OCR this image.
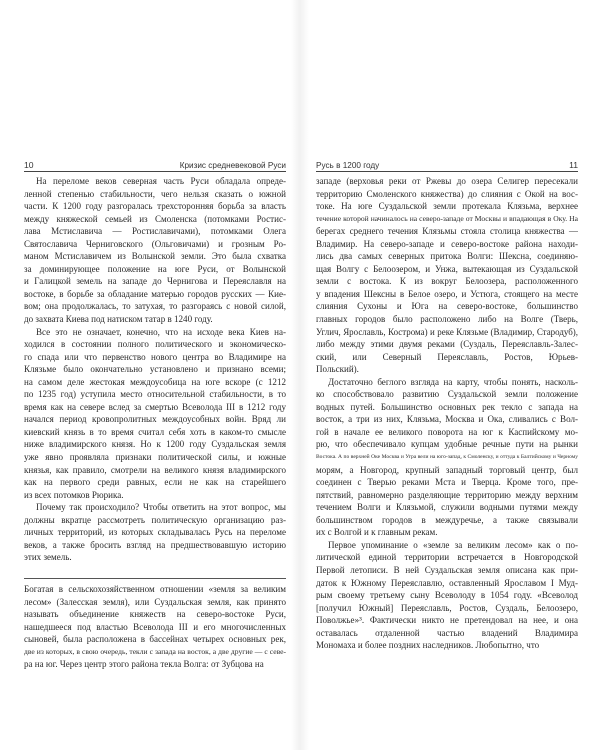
10	Кризис средневековой Руси
На переломе веков северная часть Руси обладала опреде-
ленной степенью стабильности, чего нельзя сказать о южной
части. К 1200 году разгоралась трехсторонняя борьба за власть
между княжеской семьей из Смоленска (потомками Ростис-
лава Мстиславича — Ростиславичами), потомками Олега
Святославича Черниговского (Ольговичами) и грозным Ро-
маном Мстиславичем из Волынской земли. Это была схватка
за доминирующее положение на юге Руси, от Волынской
и Галицкой земель на западе до Чернигова и Переяславля на
востоке, в борьбе за обладание матерью городов русских — Кие-
вом; она продолжалась, то затухая, то разгораясь с новой силой,
до захвата Киева под натиском татар в 1240 году.
Все это не означает, конечно, что на исходе века Киев на-
ходился в состоянии полного политического и экономическо-
го спада или что первенство нового центра во Владимире на
Клязьме было окончательно установлено и признано всеми;
на самом деле жестокая междоусобица на юге вскоре (с 1212
по 1235 год) уступила место относительной стабильности, в то
время как на севере вслед за смертью Всеволода III в 1212 году
начался период кровопролитных междоусобных войн. Вряд ли
киевский князь в то время считал себя хоть в каком-то смысле
ниже владимирского князя. Но к 1200 году Суздальская земля
уже явно проявляла признаки политической силы, и южные
князья, как правило, смотрели на великого князя владимирского
как на первого среди равных, если не как на старейшего
из всех потомков Рюрика.
Почему так происходило? Чтобы ответить на этот вопрос, мы
должны вкратце рассмотреть политическую организацию раз-
личных территорий, из которых складывалась Русь на переломе
веков, а также бросить взгляд на предшествовавшую историю
этих земель.
Богатая в сельскохозяйственном отношении «земля за великим
лесом» (Залесская земля), или Суздальская земля, как принято
называть объединение княжеств на северо-востоке Руси,
нашедшееся под властью Всеволода III и его многочисленных
сыновей, была расположена в бассейнах четырех основных рек,
две из которых, в свою очередь, текли с запада на восток, а две другие — с севе-
ра на юг. Через центр этого района текла Волга: от Зубцова на
Русь в 1200 году	11
западе (верховья реки от Ржевы до озера Селигер пересекали
территорию Смоленского княжества) до слияния с Окой на вос-
токе. На юге Суздальской земли протекала Клязьма, верхнее
течение которой начиналось на северо-западе от Москвы и впадающая в Оку. На
берегах среднего течения Клязьмы стояла столица княжества —
Владимир. На северо-западе и северо-востоке района находи-
лись два самых северных притока Волги: Шексна, соединяю-
щая Волгу с Белоозером, и Унжа, вытекающая из Суздальской
земли с востока. К из вокруг Белоозера, расположенного
у впадения Шексны в Белое озеро, и Устюга, стоящего на месте
слияния Сухоны и Юга на северо-востоке, большинство
главных городов было расположено либо на Волге (Тверь,
Углич, Ярославль, Кострома) и реке Клязьме (Владимир, Стародуб),
либо между этими двумя реками (Суздаль, Переяславль-Залес-
ский, или Северный Переяславль, Ростов, Юрьев-
Польский).
Достаточно беглого взгляда на карту, чтобы понять, насколь-
ко способствовало развитию Суздальской земли положение
водных путей. Большинство основных рек текло с запада на
восток, а три из них, Клязьма, Москва и Ока, сливались с Вол-
гой в начале ее великого поворота на юг к Каспийскому мо-
рю, что обеспечивало купцам удобные речные пути на рынки
Востока. А по верхней Оке Москва и Угра вели на юго-запад, к Смоленску, и оттуда к Балтийскому и Черному
морям, а Новгород, крупный западный торговый центр, был
соединен с Тверью реками Мста и Тверца. Кроме того, пре-
пятствий, равномерно разделяющие территорию между верхним
течением Волги и Клязьмой, служили водными путями между
большинством городов в междуречье, а также связывали
их с Волгой и к главным рекам.
Первое упоминание о «земле за великим лесом» как о по-
литической единой территории встречается в Новгородской
Первой летописи. В ней Суздальская земля описана как при-
даток к Южному Переяславлю, оставленный Ярославом I Муд-
рым своему третьему сыну Всеволоду в 1054 году. «Всеволод
[получил Южный] Переяславль, Ростов, Суздаль, Белоозеро,
Поволжье»³. Фактически никто не претендовал на нее, и она
оставалась отдаленной частью владений Владимира
Мономаха и более поздних наследников. Любопытно, что
